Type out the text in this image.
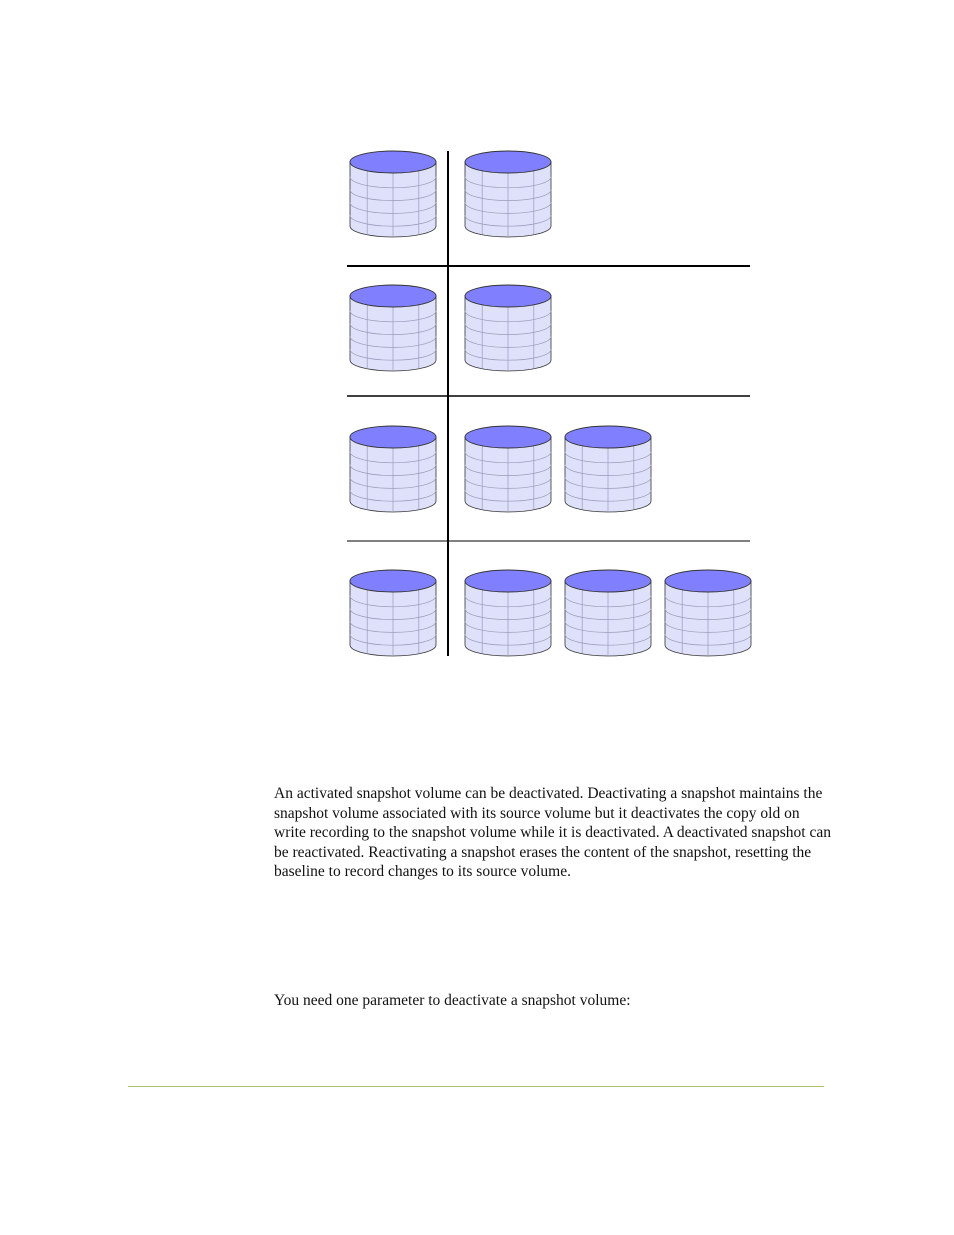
An activated snapshot volume can be deactivated. Deactivating a snapshot maintains the snapshot volume associated with its source volume but it deactivates the copy old on write recording to the snapshot volume while it is deactivated. A deactivated snapshot can be reactivated. Reactivating a snapshot erases the content of the snapshot, resetting the baseline to record changes to its source volume.

You need one parameter to deactivate a snapshot volume:
